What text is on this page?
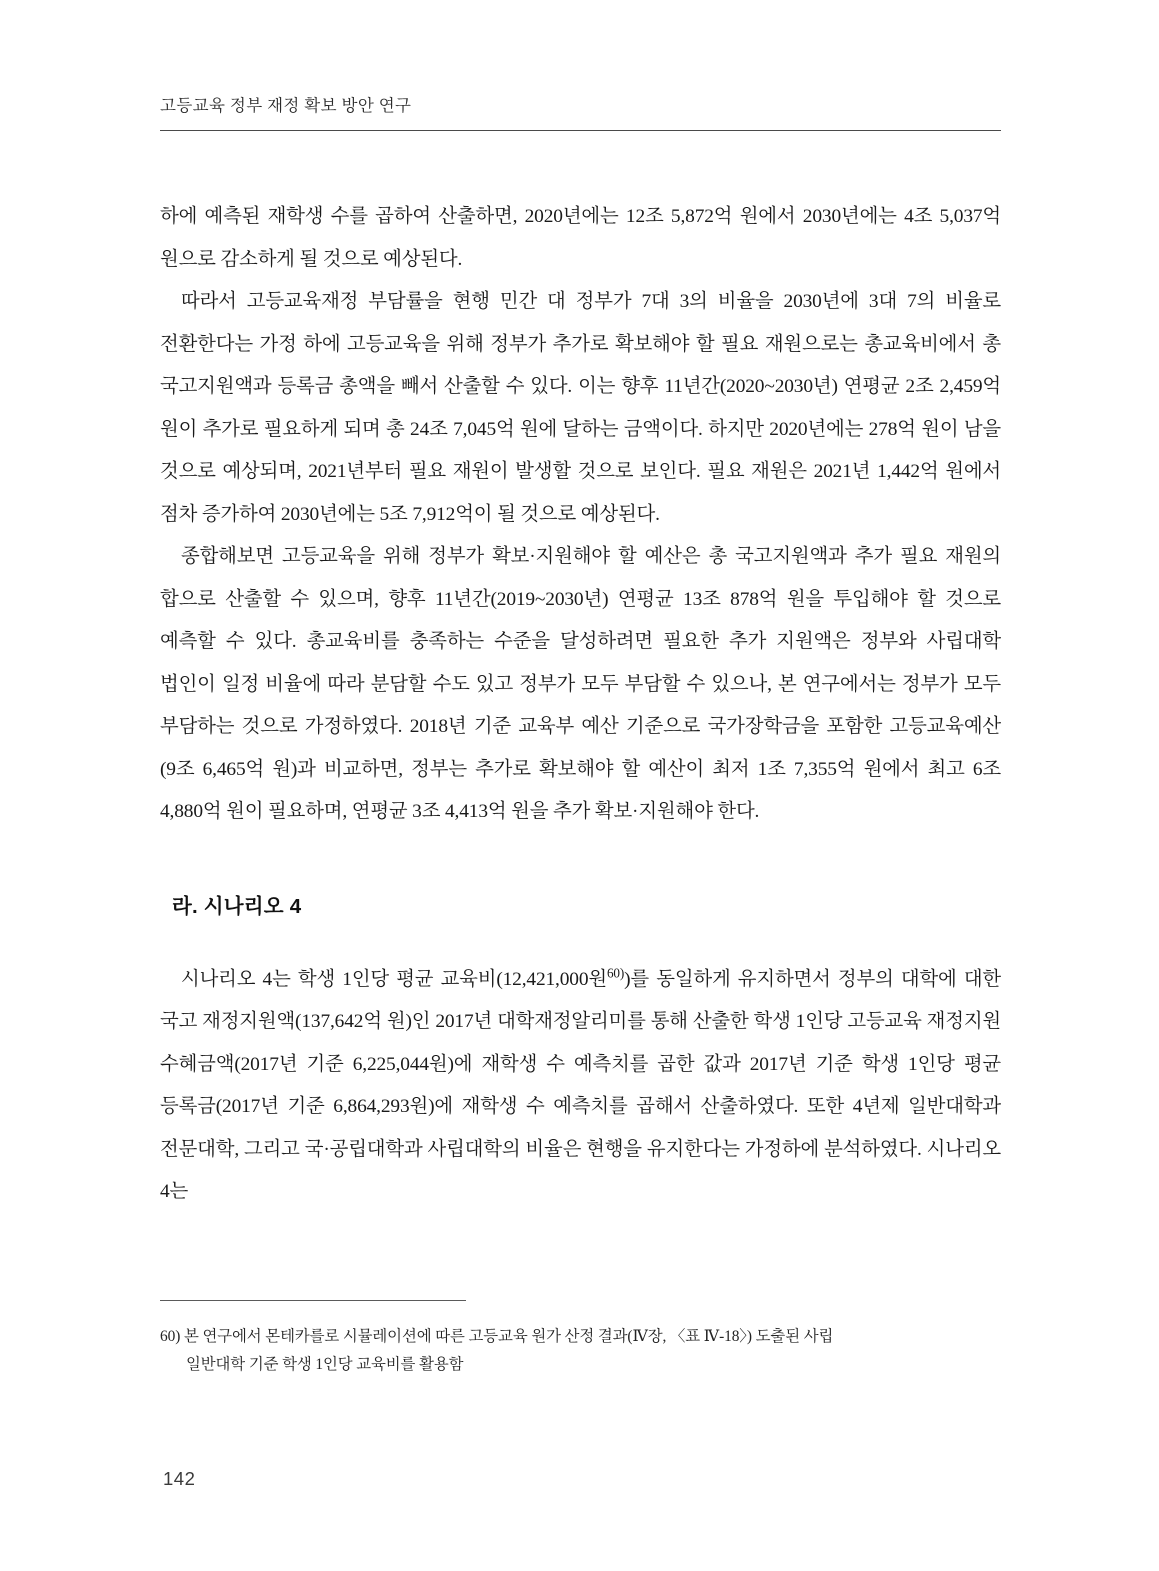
고등교육 정부 재정 확보 방안 연구

하에 예측된 재학생 수를 곱하여 산출하면, 2020년에는 12조 5,872억 원에서 2030년에는 4조 5,037억 원으로 감소하게 될 것으로 예상된다.

따라서 고등교육재정 부담률을 현행 민간 대 정부가 7대 3의 비율을 2030년에 3대 7의 비율로 전환한다는 가정 하에 고등교육을 위해 정부가 추가로 확보해야 할 필요 재원으로는 총교육비에서 총 국고지원액과 등록금 총액을 빼서 산출할 수 있다. 이는 향후 11년간(2020~2030년) 연평균 2조 2,459억 원이 추가로 필요하게 되며 총 24조 7,045억 원에 달하는 금액이다. 하지만 2020년에는 278억 원이 남을 것으로 예상되며, 2021년부터 필요 재원이 발생할 것으로 보인다. 필요 재원은 2021년 1,442억 원에서 점차 증가하여 2030년에는 5조 7,912억이 될 것으로 예상된다.

종합해보면 고등교육을 위해 정부가 확보·지원해야 할 예산은 총 국고지원액과 추가 필요 재원의 합으로 산출할 수 있으며, 향후 11년간(2019~2030년) 연평균 13조 878억 원을 투입해야 할 것으로 예측할 수 있다. 총교육비를 충족하는 수준을 달성하려면 필요한 추가 지원액은 정부와 사립대학 법인이 일정 비율에 따라 분담할 수도 있고 정부가 모두 부담할 수 있으나, 본 연구에서는 정부가 모두 부담하는 것으로 가정하였다. 2018년 기준 교육부 예산 기준으로 국가장학금을 포함한 고등교육예산(9조 6,465억 원)과 비교하면, 정부는 추가로 확보해야 할 예산이 최저 1조 7,355억 원에서 최고 6조 4,880억 원이 필요하며, 연평균 3조 4,413억 원을 추가 확보·지원해야 한다.

라. 시나리오 4

시나리오 4는 학생 1인당 평균 교육비(12,421,000원$^{60)}$)를 동일하게 유지하면서 정부의 대학에 대한 국고 재정지원액(137,642억 원)인 2017년 대학재정알리미를 통해 산출한 학생 1인당 고등교육 재정지원 수혜금액(2017년 기준 6,225,044원)에 재학생 수 예측치를 곱한 값과 2017년 기준 학생 1인당 평균 등록금(2017년 기준 6,864,293원)에 재학생 수 예측치를 곱해서 산출하였다. 또한 4년제 일반대학과 전문대학, 그리고 국·공립대학과 사립대학의 비율은 현행을 유지한다는 가정하에 분석하였다. 시나리오 4는

60) 본 연구에서 몬테카를로 시뮬레이션에 따른 고등교육 원가 산정 결과(Ⅳ장, 〈표 Ⅳ-18〉) 도출된 사립
일반대학 기준 학생 1인당 교육비를 활용함
142
